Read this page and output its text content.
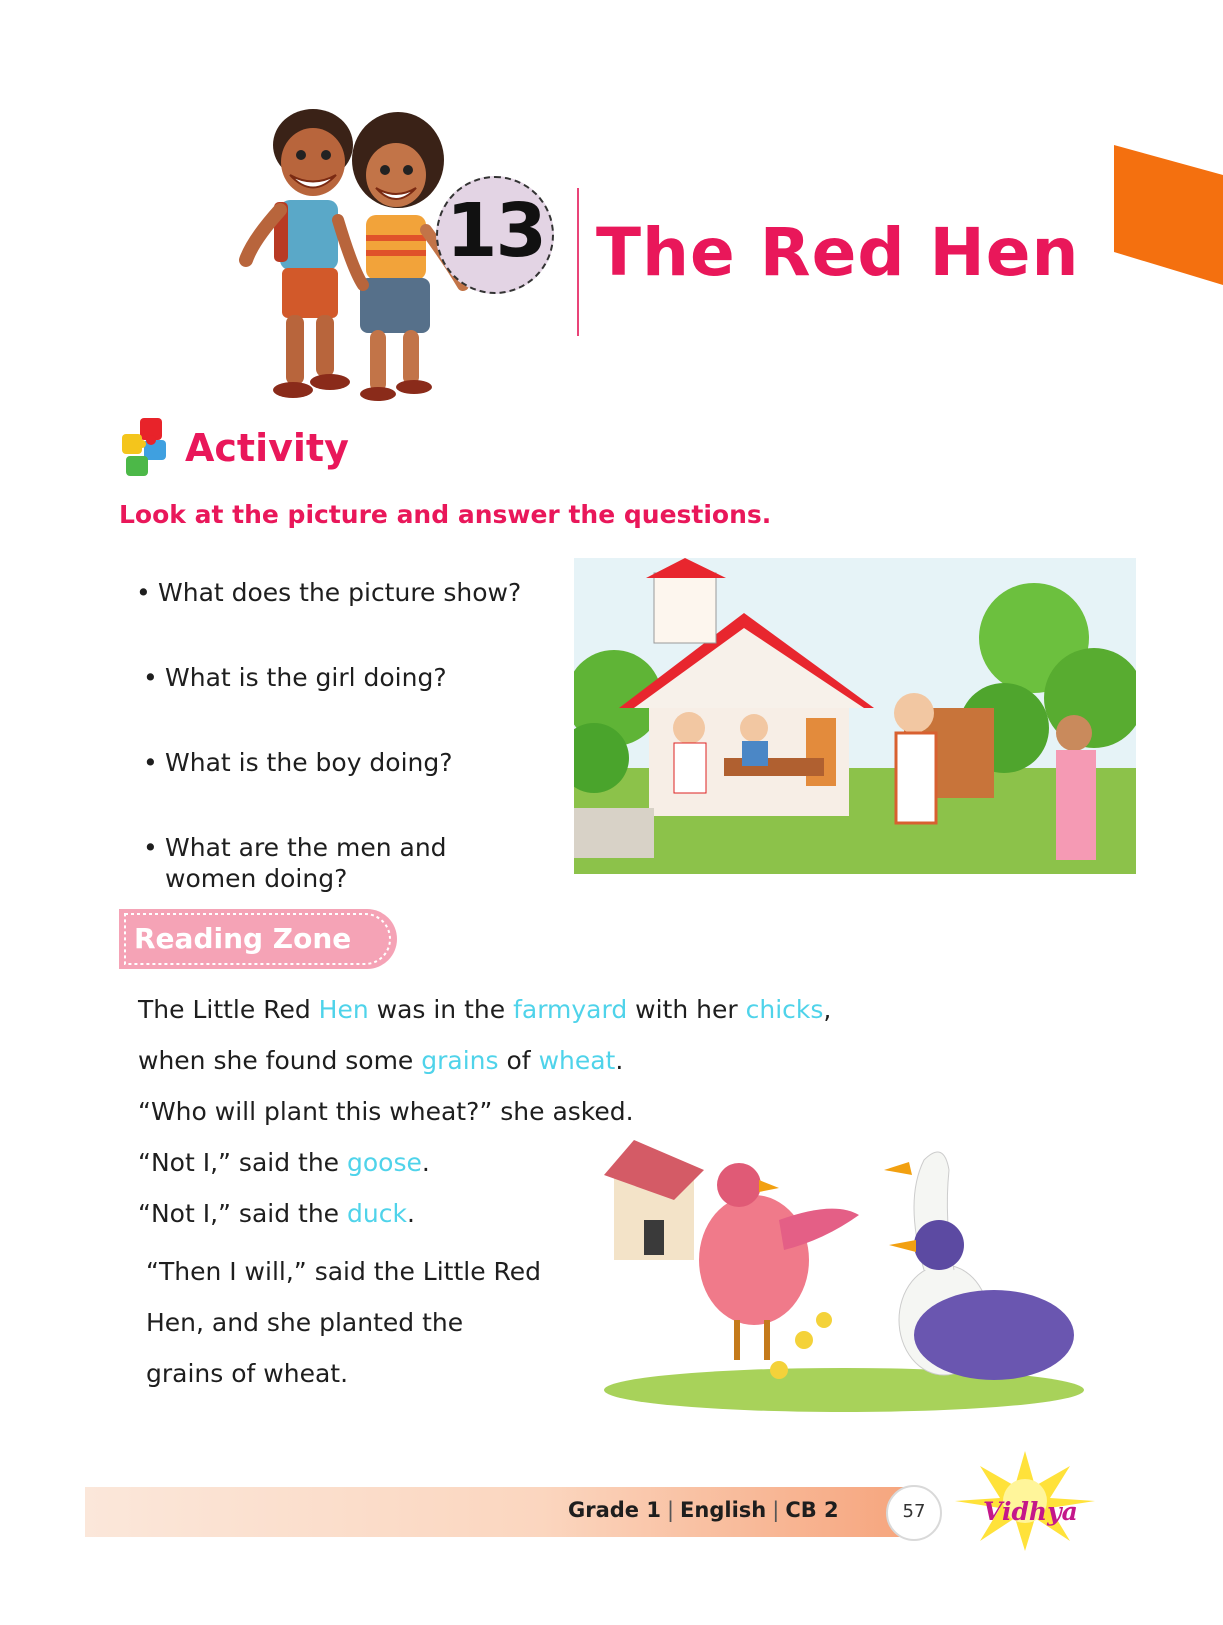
13 The Red Hen
Activity
Look at the picture and answer the questions.
• What does the picture show?
• What is the girl doing?
• What is the boy doing?
• What are the men and
women doing?
Reading Zone
The Little Red Hen was in the farmyard with her chicks,
when she found some grains of wheat.
“Who will plant this wheat?” she asked.
“Not I,” said the goose.
“Not I,” said the duck.
“Then I will,” said the Little Red
Hen, and she planted the
grains of wheat.
Grade 1 | English | CB 2	57	Vidhya
